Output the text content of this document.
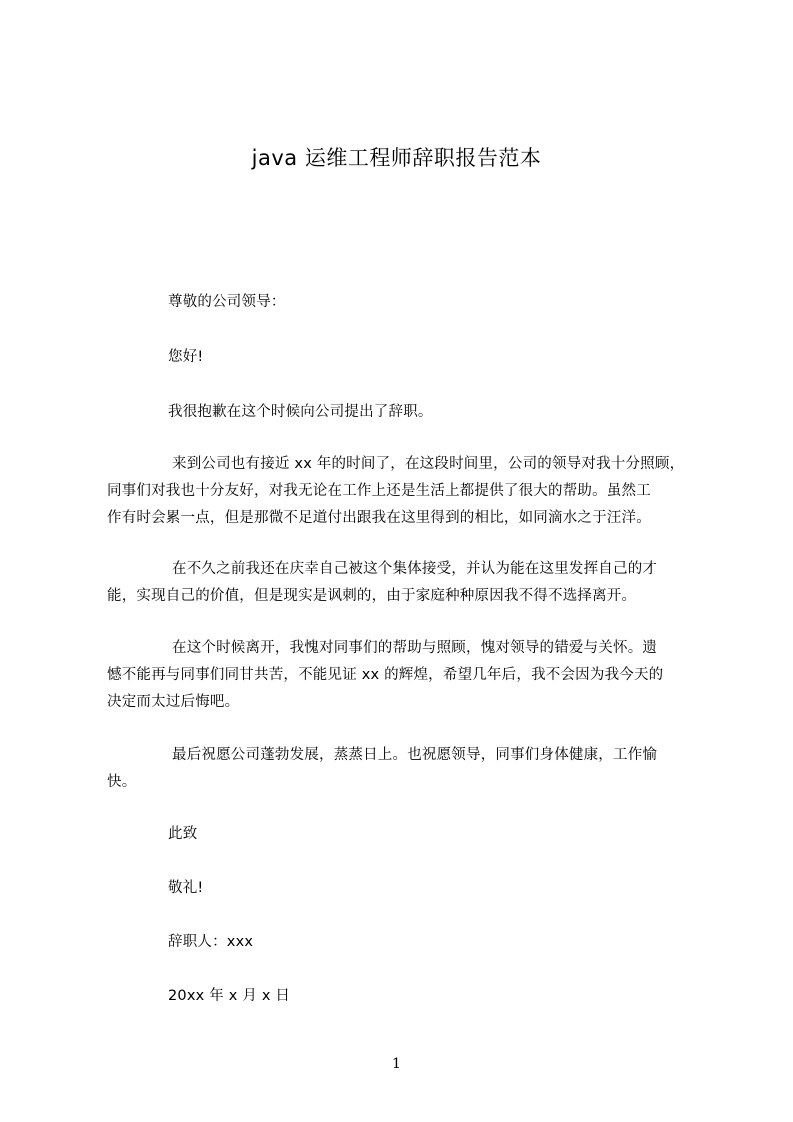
java 运维工程师辞职报告范本
尊敬的公司领导：
您好!
我很抱歉在这个时候向公司提出了辞职。
来到公司也有接近 xx 年的时间了，在这段时间里，公司的领导对我十分照顾，
同事们对我也十分友好，对我无论在工作上还是生活上都提供了很大的帮助。虽然工
作有时会累一点，但是那微不足道付出跟我在这里得到的相比，如同滴水之于汪洋。
在不久之前我还在庆幸自己被这个集体接受，并认为能在这里发挥自己的才
能，实现自己的价值，但是现实是讽刺的，由于家庭种种原因我不得不选择离开。
在这个时候离开，我愧对同事们的帮助与照顾，愧对领导的错爱与关怀。遗
憾不能再与同事们同甘共苦，不能见证 xx 的辉煌，希望几年后，我不会因为我今天的
决定而太过后悔吧。
最后祝愿公司蓬勃发展，蒸蒸日上。也祝愿领导，同事们身体健康，工作愉
快。
此致
敬礼!
辞职人：xxx
20xx 年 x 月 x 日
1
